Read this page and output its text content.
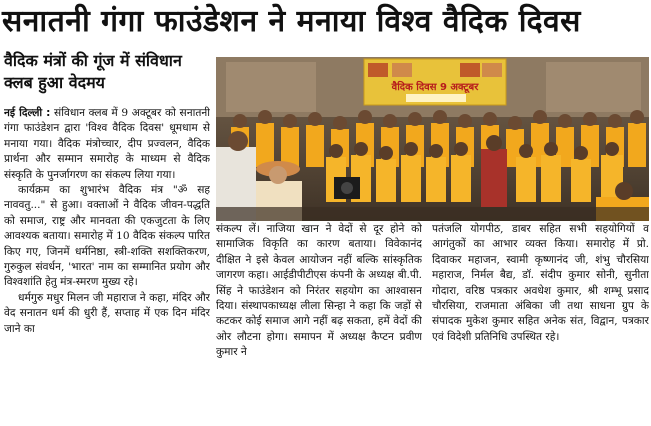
सनातनी गंगा फाउंडेशन ने मनाया विश्व वैदिक दिवस
वैदिक मंत्रों की गूंज में संविधान क्लब हुआ वेदमय

नई दिल्ली : संविधान क्लब में 9 अक्टूबर को सनातनी गंगा फाउंडेशन द्वारा 'विश्व वैदिक दिवस' धूमधाम से मनाया गया। वैदिक मंत्रोच्चार, दीप प्रज्वलन, वैदिक प्रार्थना और सम्मान समारोह के माध्यम से वैदिक संस्कृति के पुनर्जागरण का संकल्प लिया गया।

कार्यक्रम का शुभारंभ वैदिक मंत्र "ॐ सह नाववतु..." से हुआ। वक्ताओं ने वैदिक जीवन-पद्धति को समाज, राष्ट्र और मानवता की एकजुटता के लिए आवश्यक बताया। समारोह में 10 वैदिक संकल्प पारित किए गए, जिनमें धर्मनिष्ठा, स्त्री-शक्ति सशक्तिकरण, गुरुकुल संवर्धन, 'भारत' नाम का सम्मानित प्रयोग और विश्वशांति हेतु मंत्र-स्मरण मुख्य रहे।

धर्मगुरु मधुर मिलन जी महाराज ने कहा, मंदिर और वेद सनातन धर्म की धुरी हैं, सप्ताह में एक दिन मंदिर जाने का

वैदिक दिवस 9 अक्टूबर

संकल्प लें। नाजिया खान ने वेदों से दूर होने को सामाजिक विकृति का कारण बताया। विवेकानंद दीक्षित ने इसे केवल आयोजन नहीं बल्कि सांस्कृतिक जागरण कहा। आईडीपीटीएस कंपनी के अध्यक्ष बी.पी. सिंह ने फाउंडेशन को निरंतर सहयोग का आश्वासन दिया। संस्थापकाध्यक्ष लीला सिन्हा ने कहा कि जड़ों से कटकर कोई समाज आगे नहीं बढ़ सकता, हमें वेदों की ओर लौटना होगा। समापन में अध्यक्ष कैप्टन प्रवीण कुमार ने

पतंजलि योगपीठ, डाबर सहित सभी सहयोगियों व आगंतुकों का आभार व्यक्त किया। समारोह में प्रो. दिवाकर महाजन, स्वामी कृष्णानंद जी, शंभु चौरसिया महाराज, निर्मल बैद्य, डॉ. संदीप कुमार सोनी, सुनीता गोदारा, वरिष्ठ पत्रकार अवधेश कुमार, श्री शम्भू प्रसाद चौरसिया, राजमाता अंबिका जी तथा साधना ग्रुप के संपादक मुकेश कुमार सहित अनेक संत, विद्वान, पत्रकार एवं विदेशी प्रतिनिधि उपस्थित रहे।
